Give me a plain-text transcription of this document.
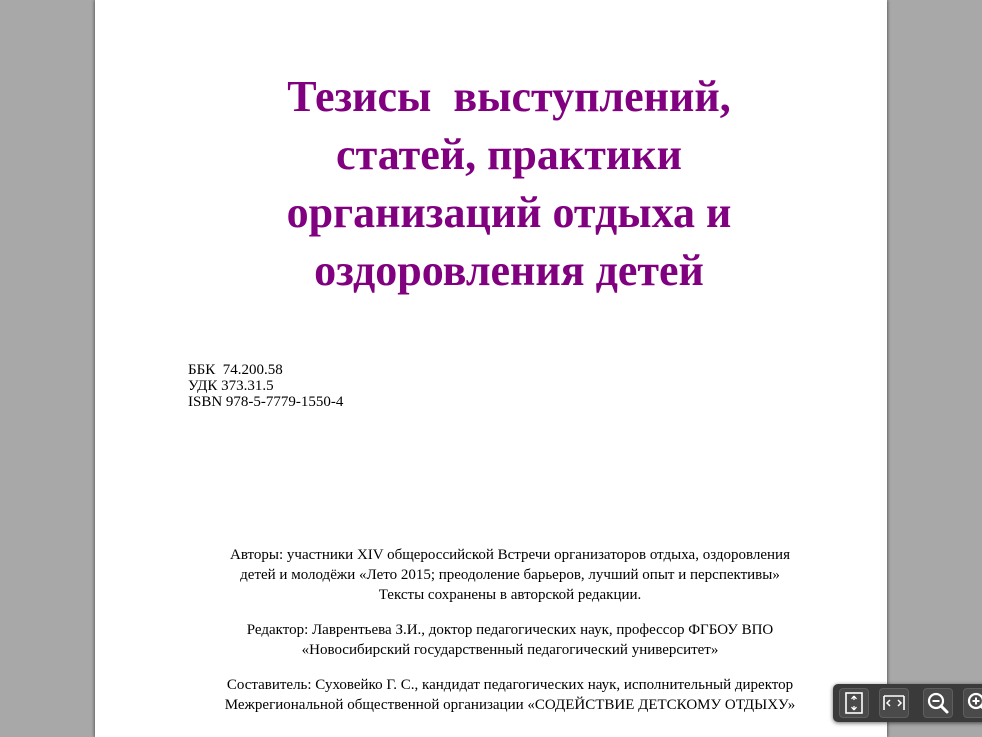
Тезисы  выступлений,
статей, практики
организаций отдыха и
оздоровления детей
ББК  74.200.58
УДК 373.31.5
ISBN 978-5-7779-1550-4
Авторы: участники XIV общероссийской Встречи организаторов отдыха, оздоровления
детей и молодёжи «Лето 2015; преодоление барьеров, лучший опыт и перспективы»
Тексты сохранены в авторской редакции.
Редактор: Лаврентьева З.И., доктор педагогических наук, профессор ФГБОУ ВПО
«Новосибирский государственный педагогический университет»
Составитель: Суховейко Г. С., кандидат педагогических наук, исполнительный директор
Межрегиональной общественной организации «СОДЕЙСТВИЕ ДЕТСКОМУ ОТДЫХУ»
